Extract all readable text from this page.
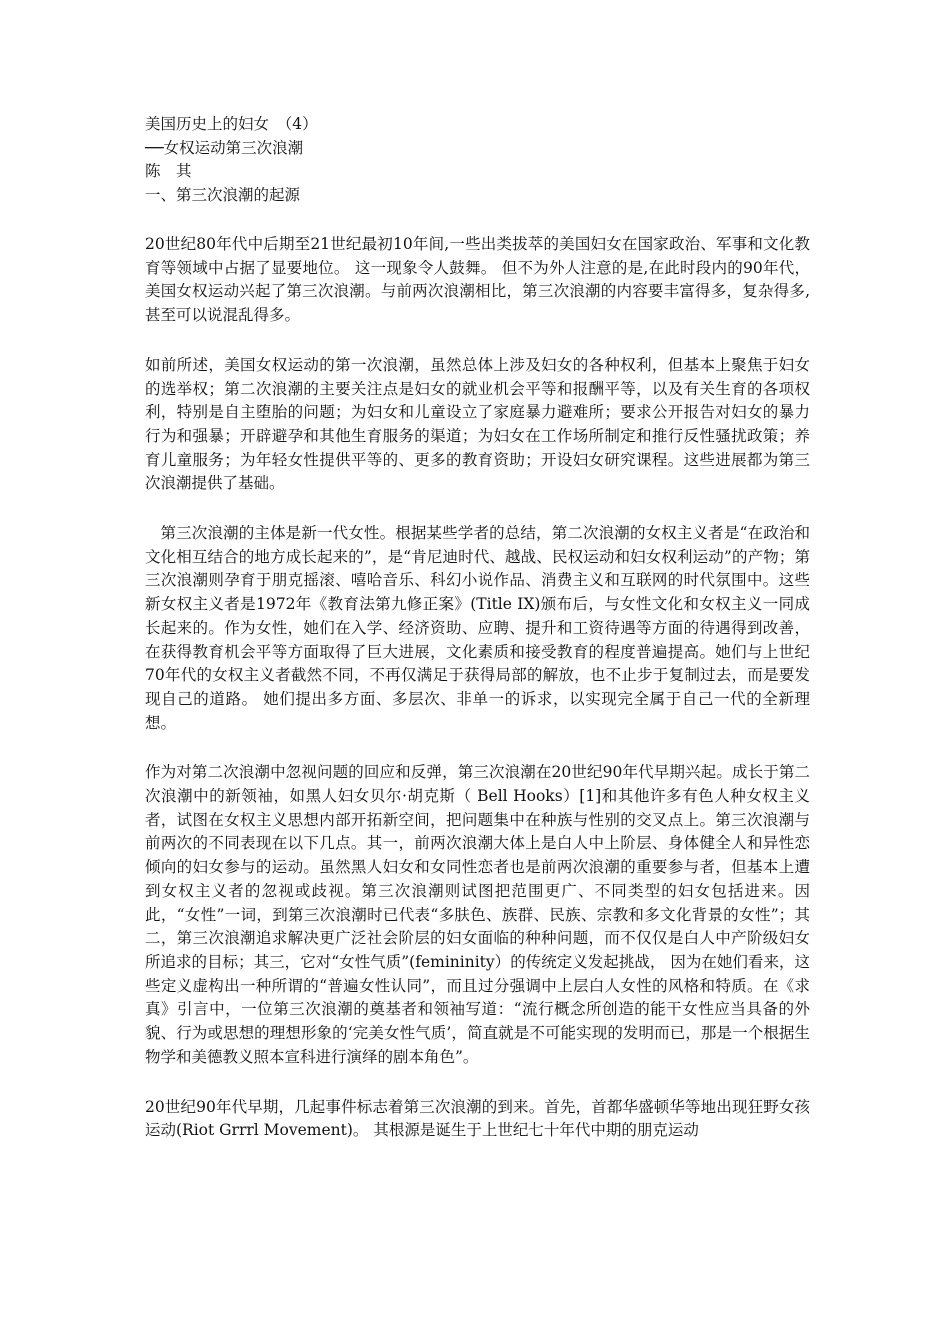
美国历史上的妇女　（4）

──女权运动第三次浪潮

陈　其

一、第三次浪潮的起源

20世纪80年代中后期至21世纪最初10年间,一些出类拔萃的美国妇女在国家政治、军事和文化教育等领域中占据了显要地位。 这一现象令人鼓舞。 但不为外人注意的是,在此时段内的90年代，美国女权运动兴起了第三次浪潮。与前两次浪潮相比，第三次浪潮的内容要丰富得多，复杂得多, 甚至可以说混乱得多。

如前所述，美国女权运动的第一次浪潮，虽然总体上涉及妇女的各种权利，但基本上聚焦于妇女的选举权；第二次浪潮的主要关注点是妇女的就业机会平等和报酬平等，以及有关生育的各项权利，特别是自主堕胎的问题；为妇女和儿童设立了家庭暴力避难所；要求公开报告对妇女的暴力行为和强暴；开辟避孕和其他生育服务的渠道；为妇女在工作场所制定和推行反性骚扰政策；养育儿童服务；为年轻女性提供平等的、更多的教育资助；开设妇女研究课程。这些进展都为第三次浪潮提供了基础。

第三次浪潮的主体是新一代女性。根据某些学者的总结，第二次浪潮的女权主义者是“在政治和文化相互结合的地方成长起来的”，是“肯尼迪时代、越战、民权运动和妇女权利运动”的产物；第三次浪潮则孕育于朋克摇滚、嘻哈音乐、科幻小说作品、消费主义和互联网的时代氛围中。这些新女权主义者是1972年《教育法第九修正案》(Title IX)颁布后，与女性文化和女权主义一同成长起来的。作为女性，她们在入学、经济资助、应聘、提升和工资待遇等方面的待遇得到改善，在获得教育机会平等方面取得了巨大进展，文化素质和接受教育的程度普遍提高。她们与上世纪70年代的女权主义者截然不同，不再仅满足于获得局部的解放，也不止步于复制过去，而是要发现自己的道路。 她们提出多方面、多层次、非单一的诉求，以实现完全属于自己一代的全新理想。

作为对第二次浪潮中忽视问题的回应和反弹，第三次浪潮在20世纪90年代早期兴起。成长于第二次浪潮中的新领袖，如黑人妇女贝尔·胡克斯（ Bell Hooks）[1]和其他许多有色人种女权主义者，试图在女权主义思想内部开拓新空间，把问题集中在种族与性别的交叉点上。第三次浪潮与前两次的不同表现在以下几点。其一，前两次浪潮大体上是白人中上阶层、身体健全人和异性恋倾向的妇女参与的运动。虽然黑人妇女和女同性恋者也是前两次浪潮的重要参与者，但基本上遭到女权主义者的忽视或歧视。第三次浪潮则试图把范围更广、不同类型的妇女包括进来。因此，“女性”一词，到第三次浪潮时已代表“多肤色、族群、民族、宗教和多文化背景的女性”；其二，第三次浪潮追求解决更广泛社会阶层的妇女面临的种种问题，而不仅仅是白人中产阶级妇女所追求的目标；其三，它对“女性气质”(femininity）的传统定义发起挑战， 因为在她们看来，这些定义虚构出一种所谓的“普遍女性认同”，而且过分强调中上层白人女性的风格和特质。在《求真》引言中，一位第三次浪潮的奠基者和领袖写道：“流行概念所创造的能干女性应当具备的外貌、行为或思想的理想形象的‘完美女性气质’，简直就是不可能实现的发明而已，那是一个根据生物学和美德教义照本宣科进行演绎的剧本角色”。

20世纪90年代早期，几起事件标志着第三次浪潮的到来。首先，首都华盛顿华等地出现狂野女孩运动(Riot Grrrl Movement)。 其根源是诞生于上世纪七十年代中期的朋克运动
